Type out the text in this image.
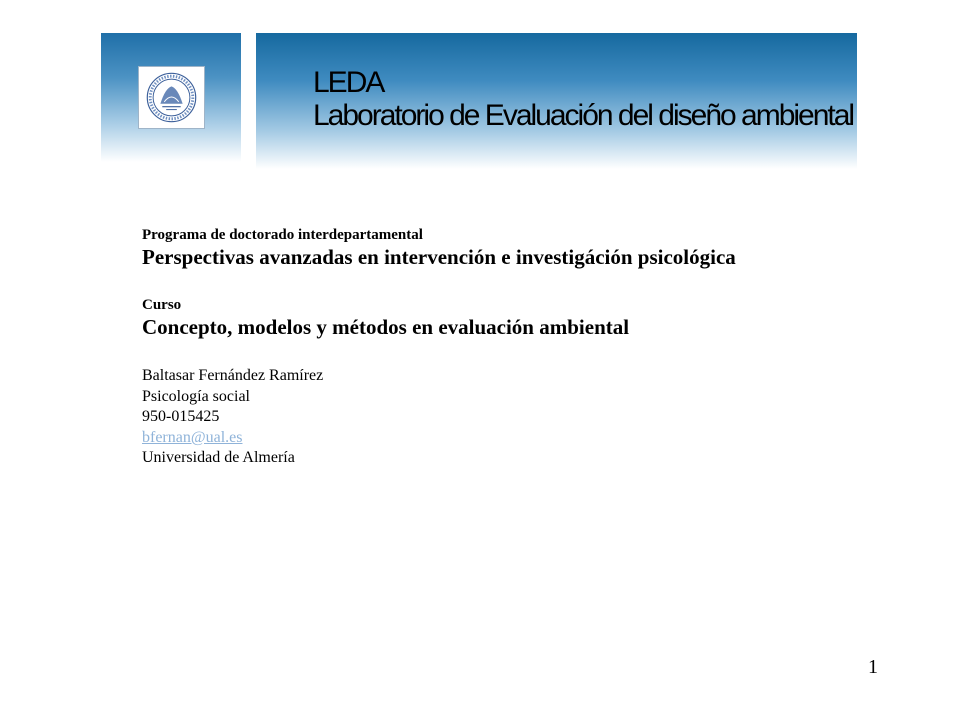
LEDA
Laboratorio de Evaluación del diseño ambiental
Programa de doctorado interdepartamental
Perspectivas avanzadas en intervención e investigáción psicológica
Curso
Concepto, modelos y métodos en evaluación ambiental
Baltasar Fernández Ramírez
Psicología social
950-015425
bfernan@ual.es
Universidad de Almería
1
